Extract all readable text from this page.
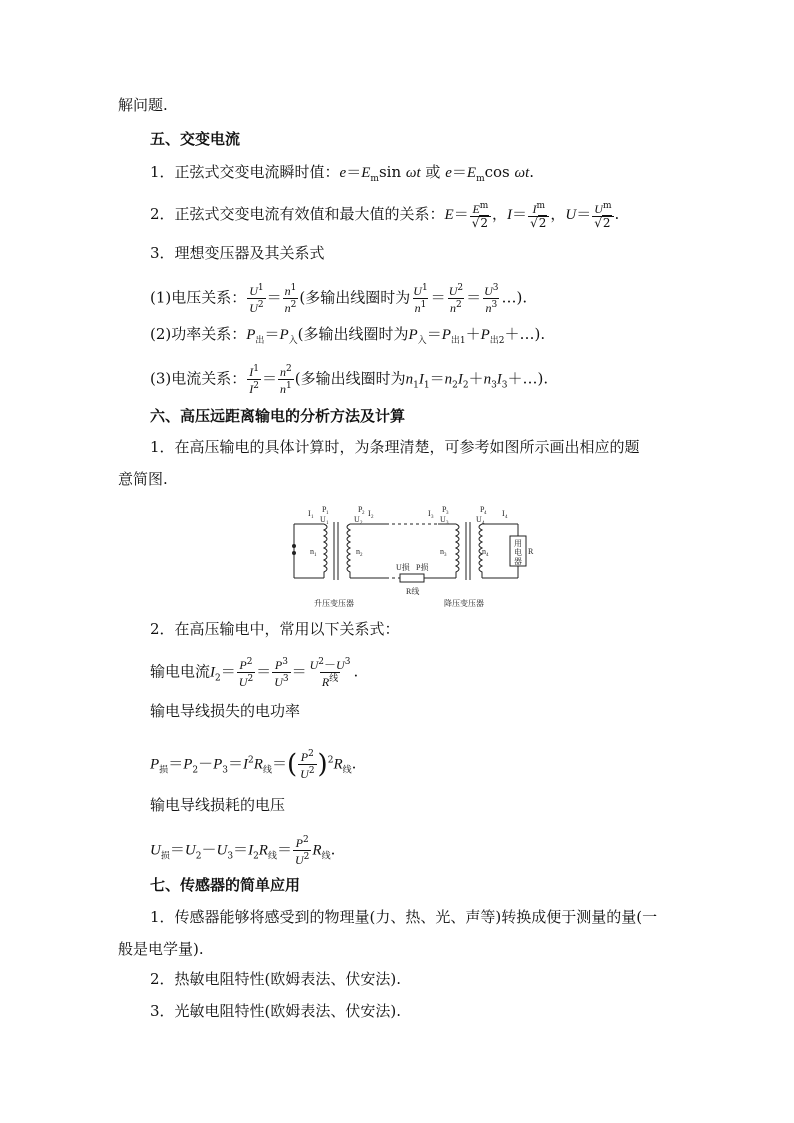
解问题.
五、交变电流
1．正弦式交变电流瞬时值：$e=E_m\sin$ ωt 或 $e=E_m\cos$ ωt.
2．正弦式交变电流有效值和最大值的关系：$E= \frac{E^m}{√2}$ ，$I= \frac{I^m}{√2}$ ，$U= \frac{U^m}{√2}$ .
3．理想变压器及其关系式
(1)电压关系： $\frac{U^1}{U^2} = \frac{n^1}{n^2}$ (多输出线圈时为 $\frac{U^1}{n^1} = \frac{U^2}{n^2} = \frac{U^3}{n^3}$ …).
(2)功率关系：$P_出=P_入$(多输出线圈时为$P_入=P_{出1}+P_{出2}+\dots$).
(3)电流关系： $\frac{I^1}{I^2} = \frac{n^2}{n^1}$ (多输出线圈时为$n_1I_1=n_2I_2+n_3I_3+\dots$).
六、高压远距离输电的分析方法及计算
1．在高压输电的具体计算时，为条理清楚，可参考如图所示画出相应的题
意简图.
I 1
P 1
U 1
n 1
P 2
U 2
I 2
n 2
I 3
P 3
U 3
n 3
P 4
U 4
I 4
n 4
U损 P损
R线
R
用
电
器
升压变压器	降压变压器
2．在高压输电中，常用以下关系式：
输电电流$I_2= \frac{P^2}{U^2} = \frac{P^3}{U^3} = \frac{U^2-U^3}{R^线}$ .
输电导线损失的电功率
$P_损=P_2-P_3=I^2R_线=( \frac{P^2}{U^2} )^2R_线$.
输电导线损耗的电压
$U_损=U_2-U_3=I_2R_线= \frac{P^2}{U^2} R_线$.
七、传感器的简单应用
1．传感器能够将感受到的物理量(力、热、光、声等)转换成便于测量的量(一
般是电学量).
2．热敏电阻特性(欧姆表法、伏安法).
3．光敏电阻特性(欧姆表法、伏安法).
